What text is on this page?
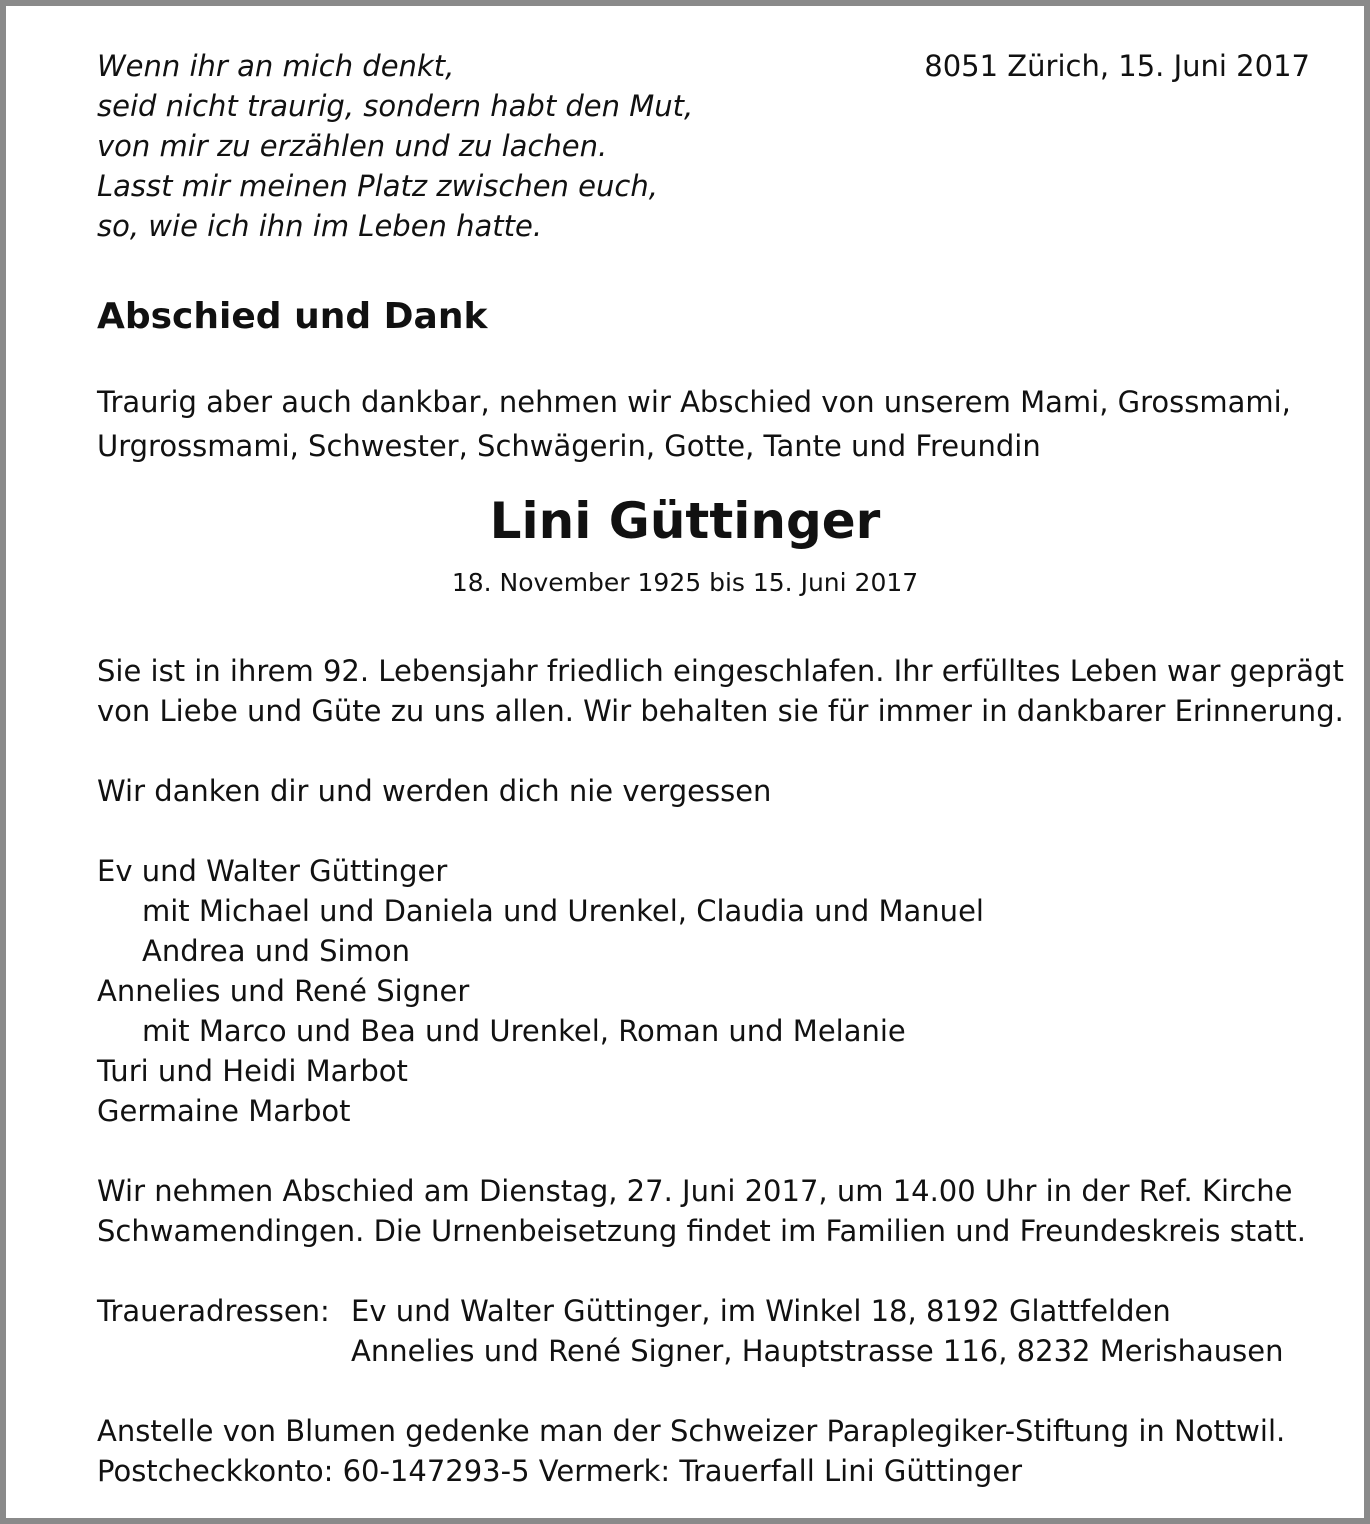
Wenn ihr an mich denkt,
seid nicht traurig, sondern habt den Mut,
von mir zu erzählen und zu lachen.
Lasst mir meinen Platz zwischen euch,
so, wie ich ihn im Leben hatte.
8051 Zürich, 15. Juni 2017
Abschied und Dank
Traurig aber auch dankbar, nehmen wir Abschied von unserem Mami, Grossmami,
Urgrossmami, Schwester, Schwägerin, Gotte, Tante und Freundin
Lini Güttinger
18. November 1925 bis 15. Juni 2017
Sie ist in ihrem 92. Lebensjahr friedlich eingeschlafen. Ihr erfülltes Leben war geprägt
von Liebe und Güte zu uns allen. Wir behalten sie für immer in dankbarer Erinnerung.
Wir danken dir und werden dich nie vergessen
Ev und Walter Güttinger
mit Michael und Daniela und Urenkel, Claudia und Manuel
Andrea und Simon
Annelies und René Signer
mit Marco und Bea und Urenkel, Roman und Melanie
Turi und Heidi Marbot
Germaine Marbot
Wir nehmen Abschied am Dienstag, 27. Juni 2017, um 14.00 Uhr in der Ref. Kirche
Schwamendingen. Die Urnenbeisetzung findet im Familien und Freundeskreis statt.
Traueradressen: Ev und Walter Güttinger, im Winkel 18, 8192 Glattfelden
Annelies und René Signer, Hauptstrasse 116, 8232 Merishausen
Anstelle von Blumen gedenke man der Schweizer Paraplegiker-Stiftung in Nottwil.
Postcheckkonto: 60-147293-5 Vermerk: Trauerfall Lini Güttinger
